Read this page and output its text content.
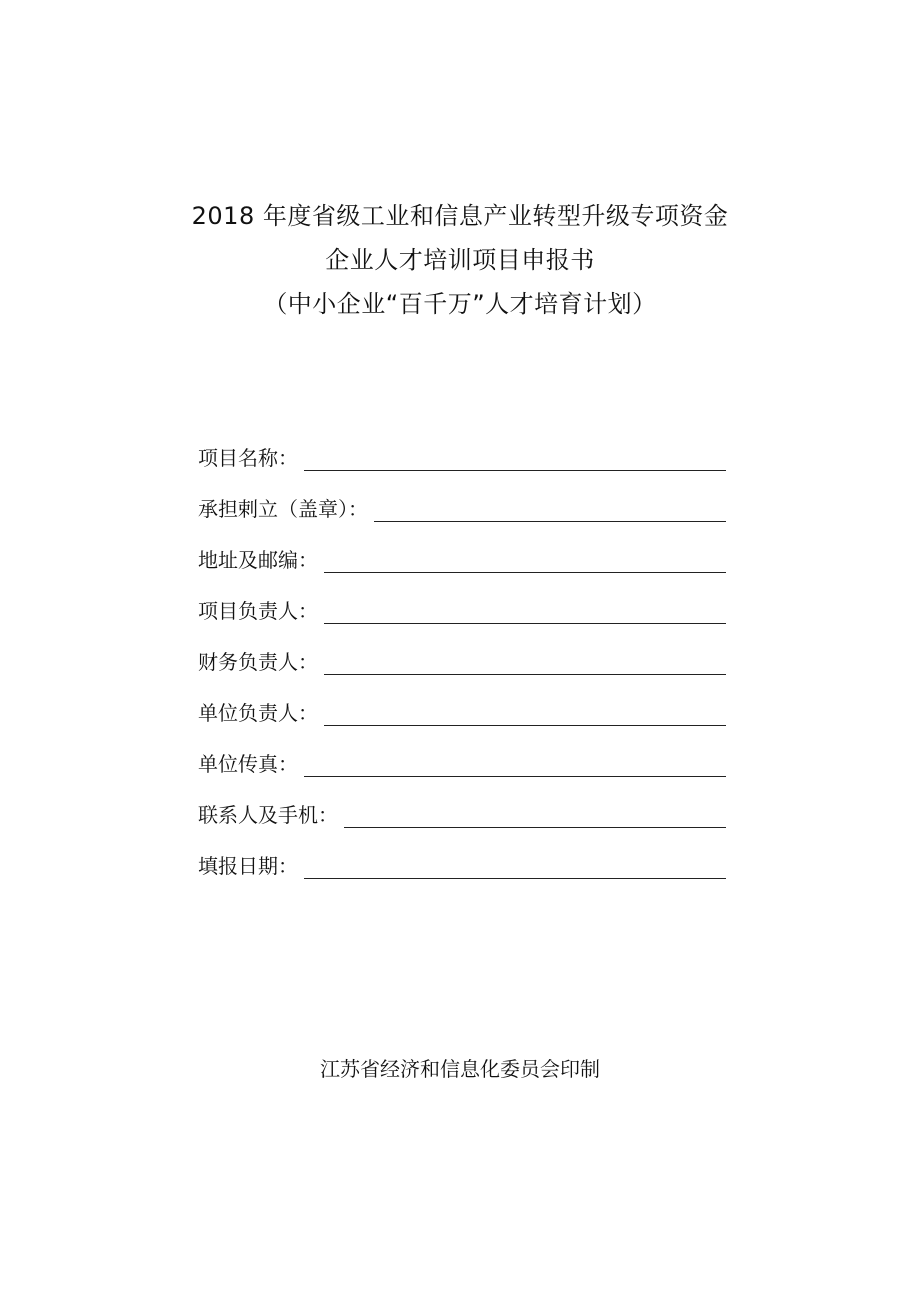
2018 年度省级工业和信息产业转型升级专项资金
企业人才培训项目申报书
（中小企业“百千万”人才培育计划）
项目名称：
承担剌立（盖章）：
地址及邮编：
项目负责人：
财务负责人：
单位负责人：
单位传真：
联系人及手机：
填报日期：
江苏省经济和信息化委员会印制
